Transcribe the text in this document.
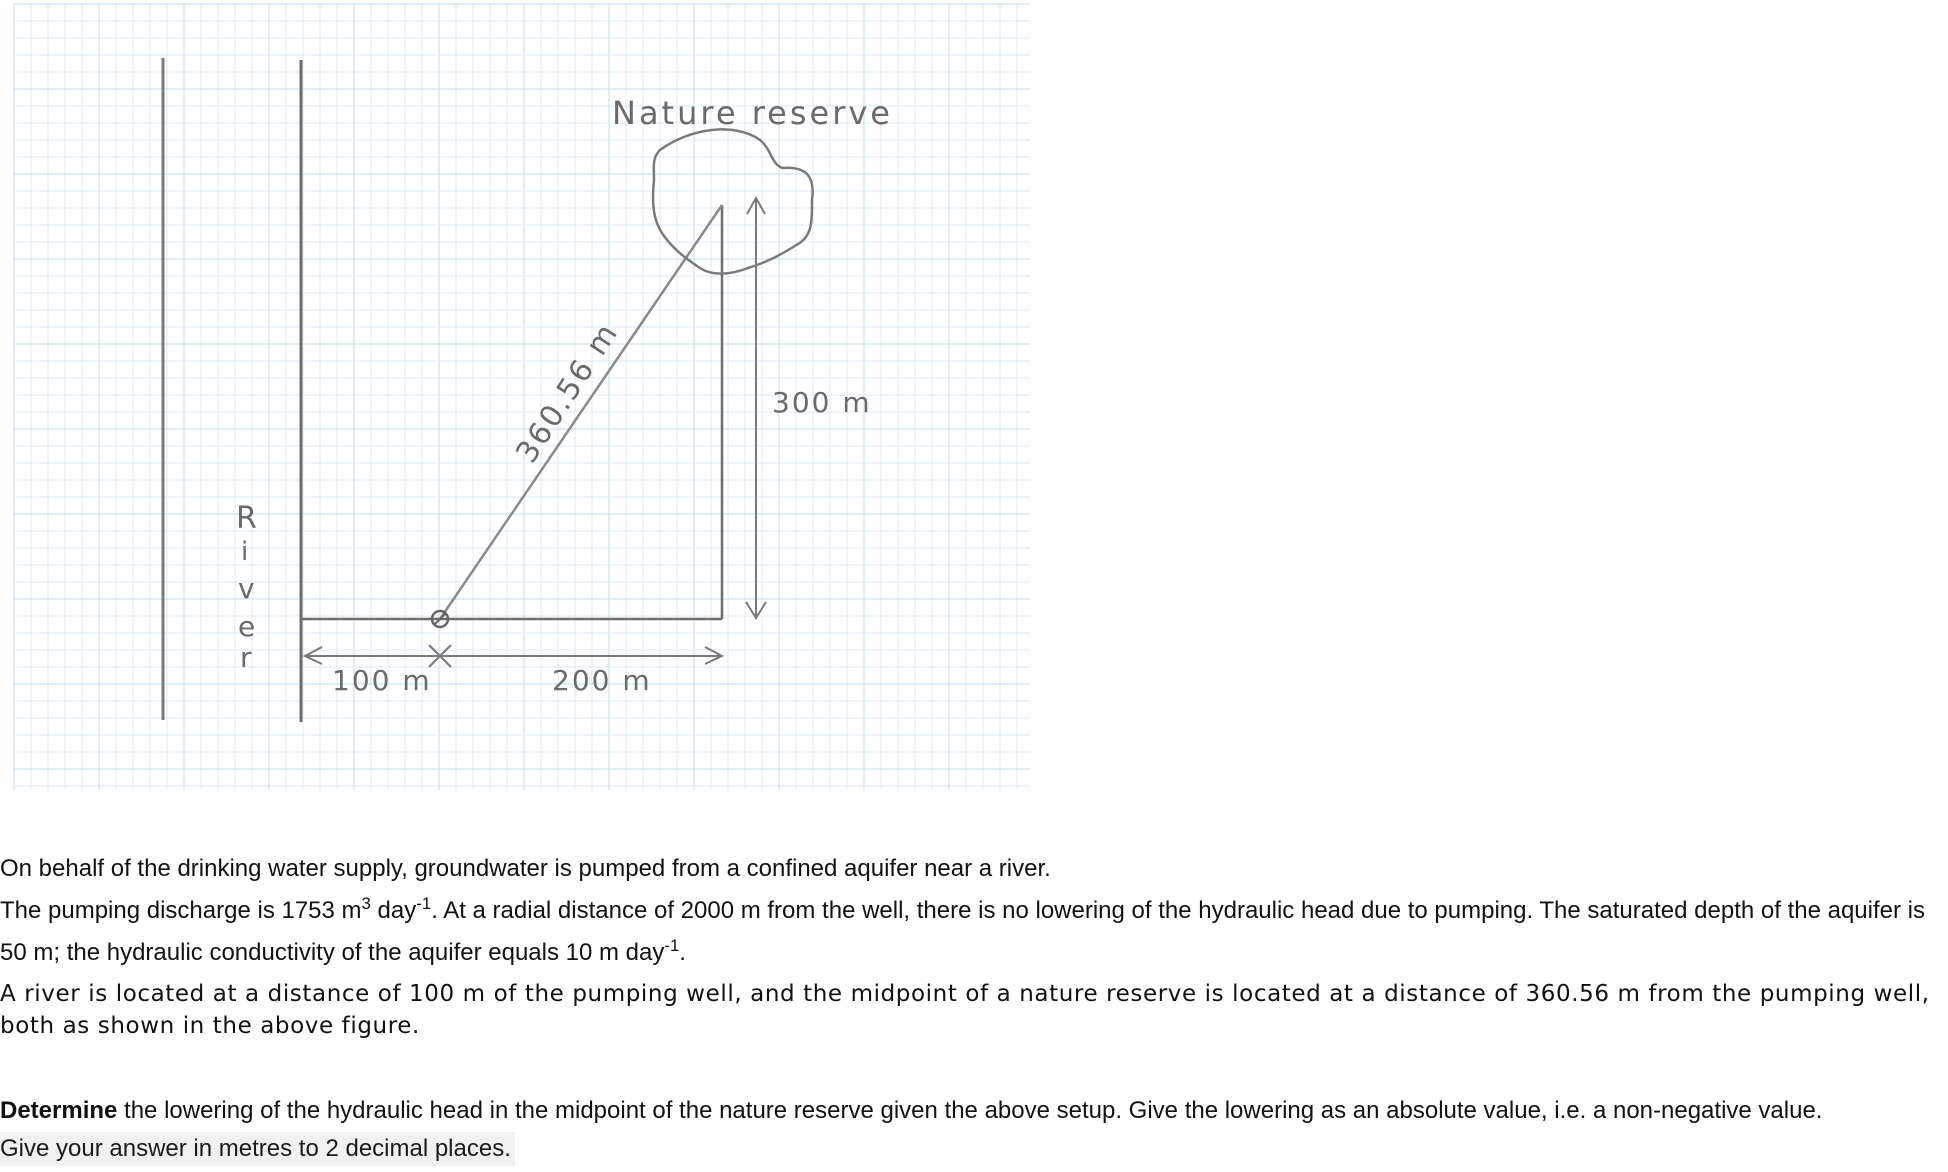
R
i
v
e
r
Nature reserve
300 m
100 m	200 m
360.56 m

On behalf of the drinking water supply, groundwater is pumped from a confined aquifer near a river.

The pumping discharge is 1753 $m^3$ day$^{-1}$. At a radial distance of 2000 m from the well, there is no lowering of the hydraulic head due to pumping. The saturated depth of the aquifer is 50 m; the hydraulic conductivity of the aquifer equals 10 m day$^{-1}$.

A river is located at a distance of 100 m of the pumping well, and the midpoint of a nature reserve is located at a distance of 360.56 m from the pumping well, both as shown in the above figure.

Determine the lowering of the hydraulic head in the midpoint of the nature reserve given the above setup. Give the lowering as an absolute value, i.e. a non-negative value.

Give your answer in metres to 2 decimal places.
